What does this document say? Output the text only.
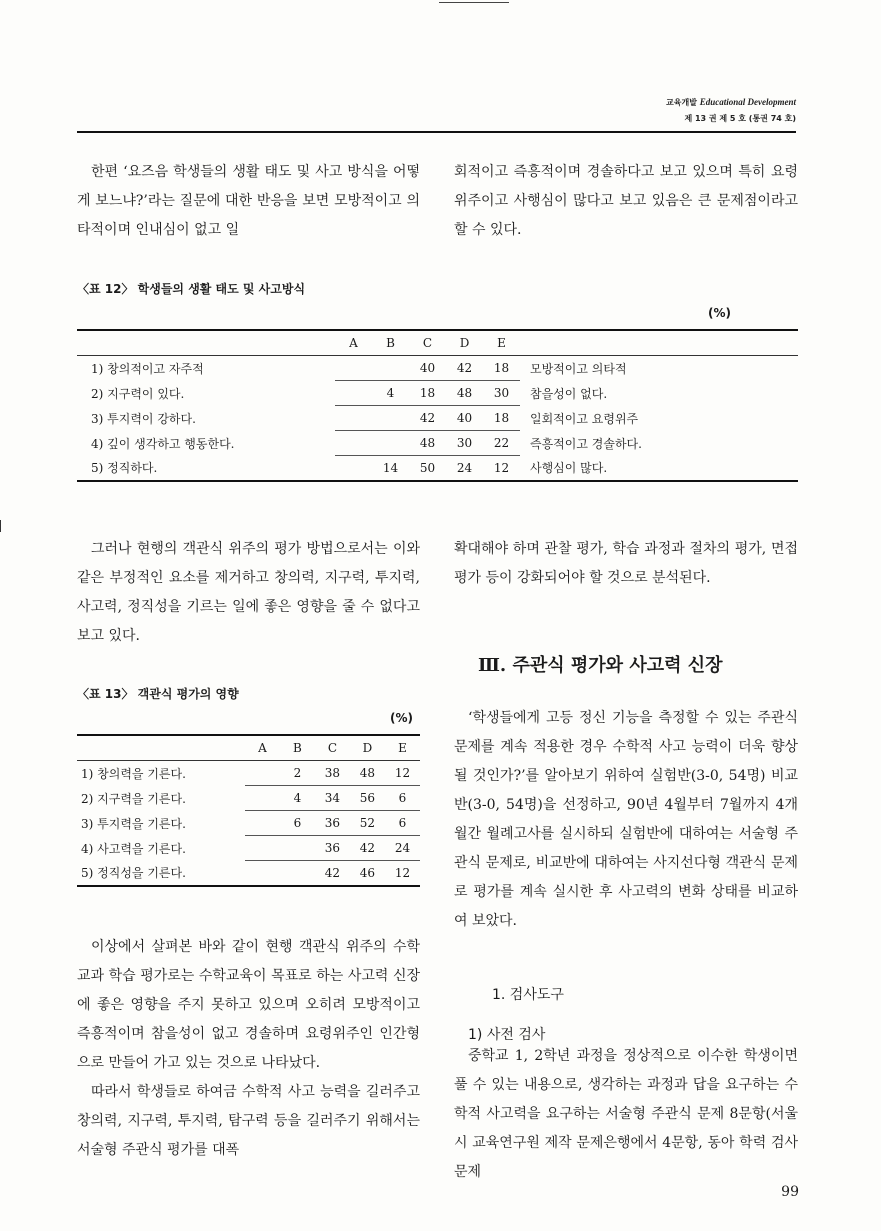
교육개발 Educational Development
제 13 권 제 5 호 (통권 74 호)

한편 ‘요즈음 학생들의 생활 태도 및 사고 방식을 어떻게 보느냐?’라는 질문에 대한 반응을 보면 모방적이고 의타적이며 인내심이 없고 일

회적이고 즉흥적이며 경솔하다고 보고 있으며 특히 요령위주이고 사행심이 많다고 보고 있음은 큰 문제점이라고 할 수 있다.

〈표 12〉 학생들의 생활 태도 및 사고방식
(%)
	A	B	C	D	E	
1) 창의적이고 자주적			40	42	18	모방적이고 의타적
2) 지구력이 있다.		4	18	48	30	참을성이 없다.
3) 투지력이 강하다.			42	40	18	일회적이고 요령위주
4) 깊이 생각하고 행동한다.			48	30	22	즉흥적이고 경솔하다.
5) 정직하다.		14	50	24	12	사행심이 많다.

그러나 현행의 객관식 위주의 평가 방법으로서는 이와같은 부정적인 요소를 제거하고 창의력, 지구력, 투지력, 사고력, 정직성을 기르는 일에 좋은 영향을 줄 수 없다고 보고 있다.

확대해야 하며 관찰 평가, 학습 과정과 절차의 평가, 면접 평가 등이 강화되어야 할 것으로 분석된다.

Ⅲ. 주관식 평가와 사고력 신장
〈표 13〉 객관식 평가의 영향
(%)
	A	B	C	D	E
1) 창의력을 기른다.		2	38	48	12
2) 지구력을 기른다.		4	34	56	6
3) 투지력을 기른다.		6	36	52	6
4) 사고력을 기른다.			36	42	24
5) 정직성을 기른다.			42	46	12

‘학생들에게 고등 정신 기능을 측정할 수 있는 주관식 문제를 계속 적용한 경우 수학적 사고 능력이 더욱 향상될 것인가?’를 알아보기 위하여 실험반(3-0, 54명) 비교반(3-0, 54명)을 선정하고, 90년 4월부터 7월까지 4개월간 월례고사를 실시하되 실험반에 대하여는 서술형 주관식 문제로, 비교반에 대하여는 사지선다형 객관식 문제로 평가를 계속 실시한 후 사고력의 변화 상태를 비교하여 보았다.

1. 검사도구
1) 사전 검사

중학교 1, 2학년 과정을 정상적으로 이수한 학생이면 풀 수 있는 내용으로, 생각하는 과정과 답을 요구하는 수학적 사고력을 요구하는 서술형 주관식 문제 8문항(서울시 교육연구원 제작 문제은행에서 4문항, 동아 학력 검사 문제

이상에서 살펴본 바와 같이 현행 객관식 위주의 수학 교과 학습 평가로는 수학교육이 목표로 하는 사고력 신장에 좋은 영향을 주지 못하고 있으며 오히려 모방적이고 즉흥적이며 참을성이 없고 경솔하며 요령위주인 인간형으로 만들어 가고 있는 것으로 나타났다.

따라서 학생들로 하여금 수학적 사고 능력을 길러주고 창의력, 지구력, 투지력, 탐구력 등을 길러주기 위해서는 서술형 주관식 평가를 대폭

99
